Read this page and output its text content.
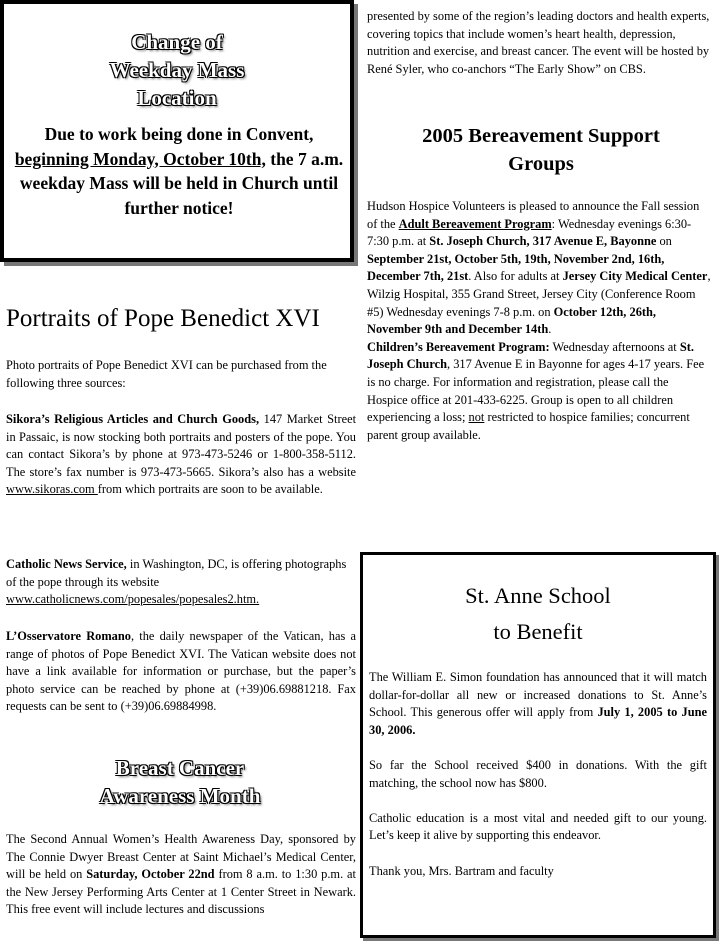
Change of
Weekday Mass
Location

Due to work being done in Convent, beginning Monday, October 10th, the 7 a.m. weekday Mass will be held in Church until further notice!

Portraits of Pope Benedict XVI

Photo portraits of Pope Benedict XVI can be purchased from the following three sources:

Sikora’s Religious Articles and Church Goods, 147 Market Street in Passaic, is now stocking both portraits and posters of the pope. You can contact Sikora’s by phone at 973-473-5246 or 1-800-358-5112. The store’s fax number is 973-473-5665. Sikora’s also has a website www.sikoras.com from which portraits are soon to be available.

Catholic News Service, in Washington, DC, is offering photographs of the pope through its website
www.catholicnews.com/popesales/popesales2.htm.

L’Osservatore Romano, the daily newspaper of the Vatican, has a range of photos of Pope Benedict XVI. The Vatican website does not have a link available for information or purchase, but the paper’s photo service can be reached by phone at (+39)06.69881218. Fax requests can be sent to (+39)06.69884998.

Breast Cancer
Awareness Month

The Second Annual Women’s Health Awareness Day, sponsored by The Connie Dwyer Breast Center at Saint Michael’s Medical Center, will be held on Saturday, October 22nd from 8 a.m. to 1:30 p.m. at the New Jersey Performing Arts Center at 1 Center Street in Newark. This free event will include lectures and discussions

presented by some of the region’s leading doctors and health experts, covering topics that include women’s heart health, depression, nutrition and exercise, and breast cancer. The event will be hosted by René Syler, who co-anchors “The Early Show” on CBS.

2005 Bereavement Support
Groups

Hudson Hospice Volunteers is pleased to announce the Fall session of the Adult Bereavement Program: Wednesday evenings 6:30-7:30 p.m. at St. Joseph Church, 317 Avenue E, Bayonne on September 21st, October 5th, 19th, November 2nd, 16th, December 7th, 21st. Also for adults at Jersey City Medical Center, Wilzig Hospital, 355 Grand Street, Jersey City (Conference Room #5) Wednesday evenings 7-8 p.m. on October 12th, 26th, November 9th and December 14th.

Children’s Bereavement Program: Wednesday afternoons at St. Joseph Church, 317 Avenue E in Bayonne for ages 4-17 years. Fee is no charge. For information and registration, please call the Hospice office at 201-433-6225. Group is open to all children experiencing a loss; not restricted to hospice families; concurrent parent group available.

St. Anne School
to Benefit

The William E. Simon foundation has announced that it will match dollar-for-dollar all new or increased donations to St. Anne’s School. This generous offer will apply from July 1, 2005 to June 30, 2006.

So far the School received $400 in donations. With the gift matching, the school now has $800.

Catholic education is a most vital and needed gift to our young. Let’s keep it alive by supporting this endeavor.

Thank you, Mrs. Bartram and faculty
